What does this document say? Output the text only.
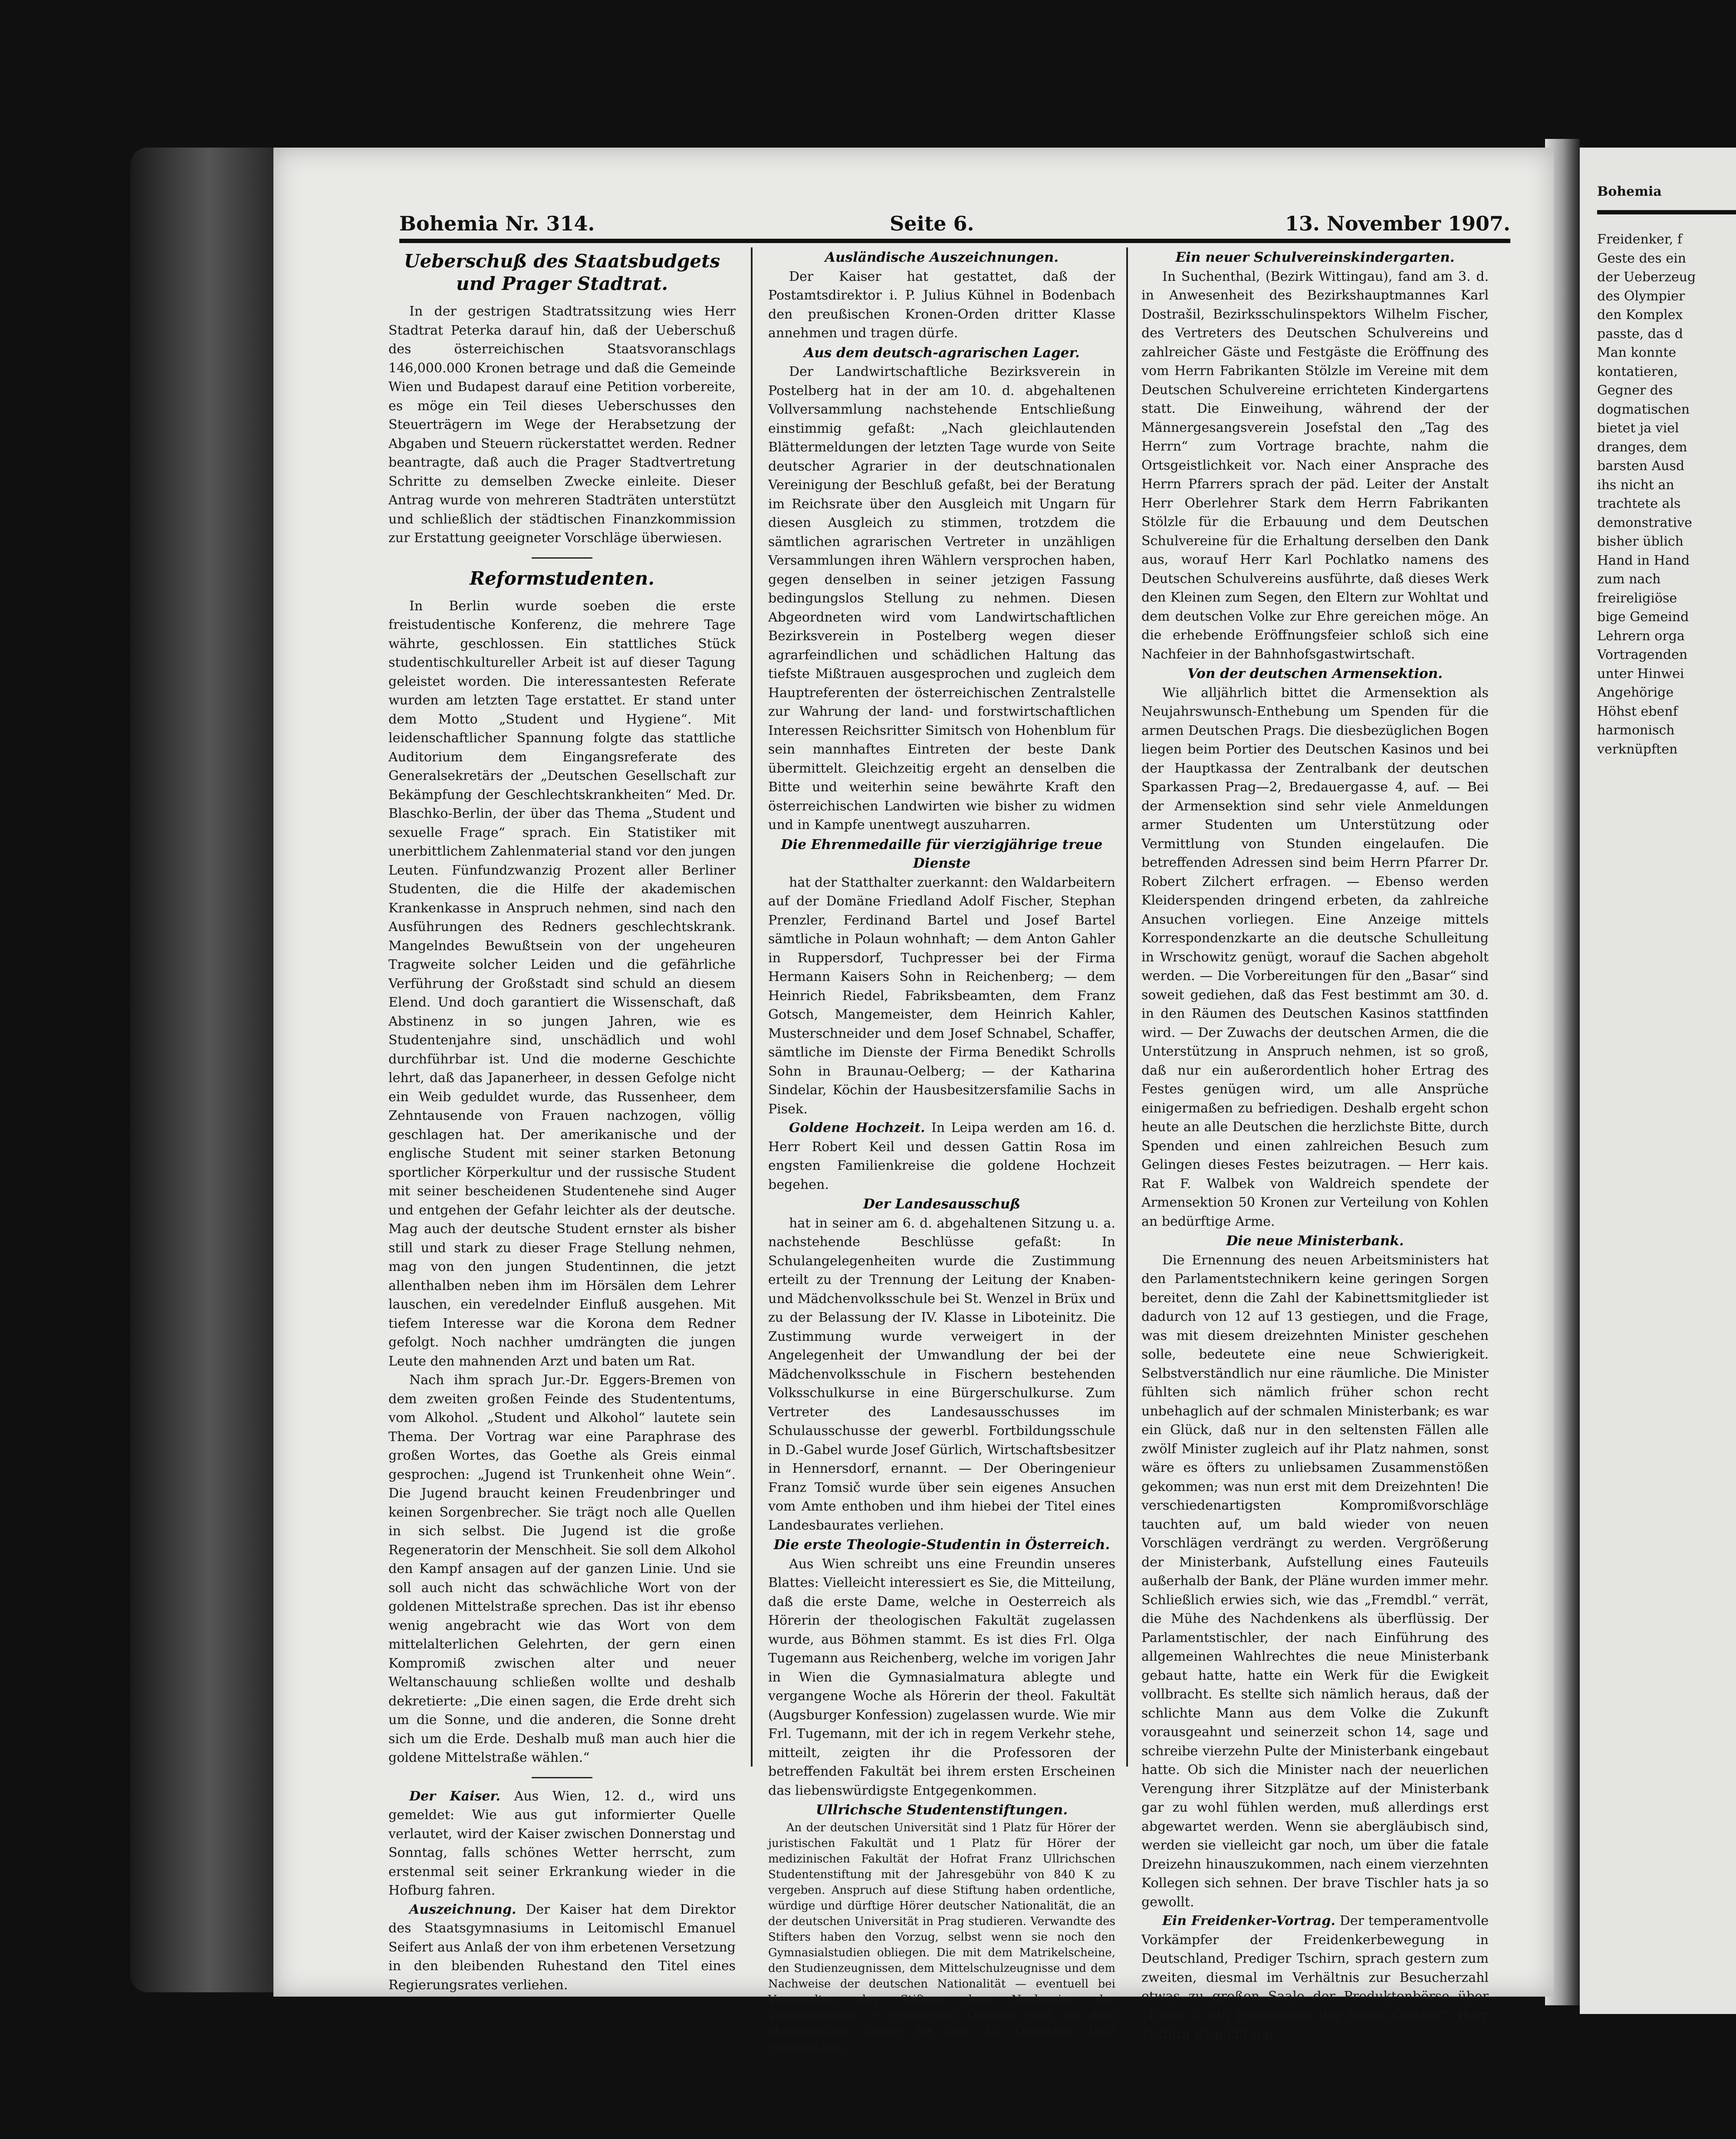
Bohemia Nr. 314.	Seite 6.	13. November 1907.
Ueberschuß des Staatsbudgets und Prager Stadtrat.

In der gestrigen Stadtratssitzung wies Herr Stadtrat Peterka darauf hin, daß der Ueberschuß des österreichischen Staatsvoranschlags 146,000.000 Kronen betrage und daß die Gemeinde Wien und Budapest darauf eine Petition vorbereite, es möge ein Teil dieses Ueberschusses den Steuerträgern im Wege der Herabsetzung der Abgaben und Steuern rückerstattet werden. Redner beantragte, daß auch die Prager Stadtvertretung Schritte zu demselben Zwecke einleite. Dieser Antrag wurde von mehreren Stadträten unterstützt und schließlich der städtischen Finanzkommission zur Erstattung geeigneter Vorschläge überwiesen.

Reformstudenten.

In Berlin wurde soeben die erste freistudentische Konferenz, die mehrere Tage währte, geschlossen. Ein stattliches Stück studentischkultureller Arbeit ist auf dieser Tagung geleistet worden. Die interessantesten Referate wurden am letzten Tage erstattet. Er stand unter dem Motto „Student und Hygiene“. Mit leidenschaftlicher Spannung folgte das stattliche Auditorium dem Eingangsreferate des Generalsekretärs der „Deutschen Gesellschaft zur Bekämpfung der Geschlechtskrankheiten“ Med. Dr. Blaschko-Berlin, der über das Thema „Student und sexuelle Frage“ sprach. Ein Statistiker mit unerbittlichem Zahlenmaterial stand vor den jungen Leuten. Fünfundzwanzig Prozent aller Berliner Studenten, die die Hilfe der akademischen Krankenkasse in Anspruch nehmen, sind nach den Ausführungen des Redners geschlechtskrank. Mangelndes Bewußtsein von der ungeheuren Tragweite solcher Leiden und die gefährliche Verführung der Großstadt sind schuld an diesem Elend. Und doch garantiert die Wissenschaft, daß Abstinenz in so jungen Jahren, wie es Studentenjahre sind, unschädlich und wohl durchführbar ist. Und die moderne Geschichte lehrt, daß das Japanerheer, in dessen Gefolge nicht ein Weib geduldet wurde, das Russenheer, dem Zehntausende von Frauen nachzogen, völlig geschlagen hat. Der amerikanische und der englische Student mit seiner starken Betonung sportlicher Körperkultur und der russische Student mit seiner bescheidenen Studentenehe sind Auger und entgehen der Gefahr leichter als der deutsche. Mag auch der deutsche Student ernster als bisher still und stark zu dieser Frage Stellung nehmen, mag von den jungen Studentinnen, die jetzt allenthalben neben ihm im Hörsälen dem Lehrer lauschen, ein veredelnder Einfluß ausgehen. Mit tiefem Interesse war die Korona dem Redner gefolgt. Noch nachher umdrängten die jungen Leute den mahnenden Arzt und baten um Rat.

Nach ihm sprach Jur.-Dr. Eggers-Bremen von dem zweiten großen Feinde des Studententums, vom Alkohol. „Student und Alkohol“ lautete sein Thema. Der Vortrag war eine Paraphrase des großen Wortes, das Goethe als Greis einmal gesprochen: „Jugend ist Trunkenheit ohne Wein“. Die Jugend braucht keinen Freudenbringer und keinen Sorgenbrecher. Sie trägt noch alle Quellen in sich selbst. Die Jugend ist die große Regeneratorin der Menschheit. Sie soll dem Alkohol den Kampf ansagen auf der ganzen Linie. Und sie soll auch nicht das schwächliche Wort von der goldenen Mittelstraße sprechen. Das ist ihr ebenso wenig angebracht wie das Wort von dem mittelalterlichen Gelehrten, der gern einen Kompromiß zwischen alter und neuer Weltanschauung schließen wollte und deshalb dekretierte: „Die einen sagen, die Erde dreht sich um die Sonne, und die anderen, die Sonne dreht sich um die Erde. Deshalb muß man auch hier die goldene Mittelstraße wählen.“

Der Kaiser. Aus Wien, 12. d., wird uns gemeldet: Wie aus gut informierter Quelle verlautet, wird der Kaiser zwischen Donnerstag und Sonntag, falls schönes Wetter herrscht, zum erstenmal seit seiner Erkrankung wieder in die Hofburg fahren.

Auszeichnung. Der Kaiser hat dem Direktor des Staatsgymnasiums in Leitomischl Emanuel Seifert aus Anlaß der von ihm erbetenen Versetzung in den bleibenden Ruhestand den Titel eines Regierungsrates verliehen.

Ausländische Auszeichnungen.

Der Kaiser hat gestattet, daß der Postamtsdirektor i. P. Julius Kühnel in Bodenbach den preußischen Kronen-Orden dritter Klasse annehmen und tragen dürfe.

Aus dem deutsch-agrarischen Lager.

Der Landwirtschaftliche Bezirksverein in Postelberg hat in der am 10. d. abgehaltenen Vollversammlung nachstehende Entschließung einstimmig gefaßt: „Nach gleichlautenden Blättermeldungen der letzten Tage wurde von Seite deutscher Agrarier in der deutschnationalen Vereinigung der Beschluß gefaßt, bei der Beratung im Reichsrate über den Ausgleich mit Ungarn für diesen Ausgleich zu stimmen, trotzdem die sämtlichen agrarischen Vertreter in unzähligen Versammlungen ihren Wählern versprochen haben, gegen denselben in seiner jetzigen Fassung bedingungslos Stellung zu nehmen. Diesen Abgeordneten wird vom Landwirtschaftlichen Bezirksverein in Postelberg wegen dieser agrarfeindlichen und schädlichen Haltung das tiefste Mißtrauen ausgesprochen und zugleich dem Hauptreferenten der österreichischen Zentralstelle zur Wahrung der land- und forstwirtschaftlichen Interessen Reichsritter Simitsch von Hohenblum für sein mannhaftes Eintreten der beste Dank übermittelt. Gleichzeitig ergeht an denselben die Bitte und weiterhin seine bewährte Kraft den österreichischen Landwirten wie bisher zu widmen und in Kampfe unentwegt auszuharren.

Die Ehrenmedaille für vierzigjährige treue Dienste

hat der Statthalter zuerkannt: den Waldarbeitern auf der Domäne Friedland Adolf Fischer, Stephan Prenzler, Ferdinand Bartel und Josef Bartel sämtliche in Polaun wohnhaft; — dem Anton Gahler in Ruppersdorf, Tuchpresser bei der Firma Hermann Kaisers Sohn in Reichenberg; — dem Heinrich Riedel, Fabriksbeamten, dem Franz Gotsch, Mangemeister, dem Heinrich Kahler, Musterschneider und dem Josef Schnabel, Schaffer, sämtliche im Dienste der Firma Benedikt Schrolls Sohn in Braunau-Oelberg; — der Katharina Sindelar, Köchin der Hausbesitzersfamilie Sachs in Pisek.

Goldene Hochzeit. In Leipa werden am 16. d. Herr Robert Keil und dessen Gattin Rosa im engsten Familienkreise die goldene Hochzeit begehen.

Der Landesausschuß

hat in seiner am 6. d. abgehaltenen Sitzung u. a. nachstehende Beschlüsse gefaßt: In Schulangelegenheiten wurde die Zustimmung erteilt zu der Trennung der Leitung der Knaben- und Mädchenvolksschule bei St. Wenzel in Brüx und zu der Belassung der IV. Klasse in Liboteinitz. Die Zustimmung wurde verweigert in der Angelegenheit der Umwandlung der bei der Mädchenvolksschule in Fischern bestehenden Volksschulkurse in eine Bürgerschulkurse. Zum Vertreter des Landesausschusses im Schulausschusse der gewerbl. Fortbildungsschule in D.-Gabel wurde Josef Gürlich, Wirtschaftsbesitzer in Hennersdorf, ernannt. — Der Oberingenieur Franz Tomsič wurde über sein eigenes Ansuchen vom Amte enthoben und ihm hiebei der Titel eines Landesbaurates verliehen.

Die erste Theologie-Studentin in Österreich.

Aus Wien schreibt uns eine Freundin unseres Blattes: Vielleicht interessiert es Sie, die Mitteilung, daß die erste Dame, welche in Oesterreich als Hörerin der theologischen Fakultät zugelassen wurde, aus Böhmen stammt. Es ist dies Frl. Olga Tugemann aus Reichenberg, welche im vorigen Jahr in Wien die Gymnasialmatura ablegte und vergangene Woche als Hörerin der theol. Fakultät (Augsburger Konfession) zugelassen wurde. Wie mir Frl. Tugemann, mit der ich in regem Verkehr stehe, mitteilt, zeigten ihr die Professoren der betreffenden Fakultät bei ihrem ersten Erscheinen das liebenswürdigste Entgegenkommen.

Ullrichsche Studentenstiftungen.

An der deutschen Universität sind 1 Platz für Hörer der juristischen Fakultät und 1 Platz für Hörer der medizinischen Fakultät der Hofrat Franz Ullrichschen Studentenstiftung mit der Jahresgebühr von 840 K zu vergeben. Anspruch auf diese Stiftung haben ordentliche, würdige und dürftige Hörer deutscher Nationalität, die an der deutschen Universität in Prag studieren. Verwandte des Stifters haben den Vorzug, selbst wenn sie noch den Gymnasialstudien obliegen. Die mit dem Matrikelscheine, den Studienzeugnissen, dem Mittelschulzeugnisse und dem Nachweise der deutschen Nationalität — eventuell bei Verwandten des Stifters dem Nachweise der Verwandtschaft — versehenen Gesuche sind bei dem akademischen Senate bis zum 15. Dezember 1907 einzureichen.

Ein neuer Schulvereinskindergarten.

In Suchenthal, (Bezirk Wittingau), fand am 3. d. in Anwesenheit des Bezirkshauptmannes Karl Dostrašil, Bezirksschulinspektors Wilhelm Fischer, des Vertreters des Deutschen Schulvereins und zahlreicher Gäste und Festgäste die Eröffnung des vom Herrn Fabrikanten Stölzle im Vereine mit dem Deutschen Schulvereine errichteten Kindergartens statt. Die Einweihung, während der der Männergesangsverein Josefstal den „Tag des Herrn“ zum Vortrage brachte, nahm die Ortsgeistlichkeit vor. Nach einer Ansprache des Herrn Pfarrers sprach der päd. Leiter der Anstalt Herr Oberlehrer Stark dem Herrn Fabrikanten Stölzle für die Erbauung und dem Deutschen Schulvereine für die Erhaltung derselben den Dank aus, worauf Herr Karl Pochlatko namens des Deutschen Schulvereins ausführte, daß dieses Werk den Kleinen zum Segen, den Eltern zur Wohltat und dem deutschen Volke zur Ehre gereichen möge. An die erhebende Eröffnungsfeier schloß sich eine Nachfeier in der Bahnhofsgastwirtschaft.

Von der deutschen Armensektion.

Wie alljährlich bittet die Armensektion als Neujahrswunsch-Enthebung um Spenden für die armen Deutschen Prags. Die diesbezüglichen Bogen liegen beim Portier des Deutschen Kasinos und bei der Hauptkassa der Zentralbank der deutschen Sparkassen Prag—2, Bredauergasse 4, auf. — Bei der Armensektion sind sehr viele Anmeldungen armer Studenten um Unterstützung oder Vermittlung von Stunden eingelaufen. Die betreffenden Adressen sind beim Herrn Pfarrer Dr. Robert Zilchert erfragen. — Ebenso werden Kleiderspenden dringend erbeten, da zahlreiche Ansuchen vorliegen. Eine Anzeige mittels Korrespondenzkarte an die deutsche Schulleitung in Wrschowitz genügt, worauf die Sachen abgeholt werden. — Die Vorbereitungen für den „Basar“ sind soweit gediehen, daß das Fest bestimmt am 30. d. in den Räumen des Deutschen Kasinos stattfinden wird. — Der Zuwachs der deutschen Armen, die die Unterstützung in Anspruch nehmen, ist so groß, daß nur ein außerordentlich hoher Ertrag des Festes genügen wird, um alle Ansprüche einigermaßen zu befriedigen. Deshalb ergeht schon heute an alle Deutschen die herzlichste Bitte, durch Spenden und einen zahlreichen Besuch zum Gelingen dieses Festes beizutragen. — Herr kais. Rat F. Walbek von Waldreich spendete der Armensektion 50 Kronen zur Verteilung von Kohlen an bedürftige Arme.

Die neue Ministerbank.

Die Ernennung des neuen Arbeitsministers hat den Parlamentstechnikern keine geringen Sorgen bereitet, denn die Zahl der Kabinettsmitglieder ist dadurch von 12 auf 13 gestiegen, und die Frage, was mit diesem dreizehnten Minister geschehen solle, bedeutete eine neue Schwierigkeit. Selbstverständlich nur eine räumliche. Die Minister fühlten sich nämlich früher schon recht unbehaglich auf der schmalen Ministerbank; es war ein Glück, daß nur in den seltensten Fällen alle zwölf Minister zugleich auf ihr Platz nahmen, sonst wäre es öfters zu unliebsamen Zusammenstößen gekommen; was nun erst mit dem Dreizehnten! Die verschiedenartigsten Kompromißvorschläge tauchten auf, um bald wieder von neuen Vorschlägen verdrängt zu werden. Vergrößerung der Ministerbank, Aufstellung eines Fauteuils außerhalb der Bank, der Pläne wurden immer mehr. Schließlich erwies sich, wie das „Fremdbl.“ verrät, die Mühe des Nachdenkens als überflüssig. Der Parlamentstischler, der nach Einführung des allgemeinen Wahlrechtes die neue Ministerbank gebaut hatte, hatte ein Werk für die Ewigkeit vollbracht. Es stellte sich nämlich heraus, daß der schlichte Mann aus dem Volke die Zukunft vorausgeahnt und seinerzeit schon 14, sage und schreibe vierzehn Pulte der Ministerbank eingebaut hatte. Ob sich die Minister nach der neuerlichen Verengung ihrer Sitzplätze auf der Ministerbank gar zu wohl fühlen werden, muß allerdings erst abgewartet werden. Wenn sie abergläubisch sind, werden sie vielleicht gar noch, um über die fatale Dreizehn hinauszukommen, nach einem vierzehnten Kollegen sich sehnen. Der brave Tischler hats ja so gewollt.

Ein Freidenker-Vortrag. Der temperamentvolle Vorkämpfer der Freidenkerbewegung in Deutschland, Prediger Tschirn, sprach gestern zum zweiten, diesmal im Verhältnis zur Besucherzahl etwas zu großen Saale der Produktenbörse über „Faust — ein Evangelium der freien Geister“. Herr Tschirn ist nicht nur

Bohemia
Freidenker, f
Geste des ein
der Ueberzeug
des Olympier
den Komplex
passte, das d
Man konnte
kontatieren,
Gegner des
dogmatischen
bietet ja viel
dranges, dem
barsten Ausd
ihs nicht an
trachtete als
demonstrative
bisher üblich
Hand in Hand
zum nach
freireligiöse
bige Gemeind
Lehrern orga
Vortragenden
unter Hinwei
Angehörige
Höhst ebenf
harmonisch
verknüpften
